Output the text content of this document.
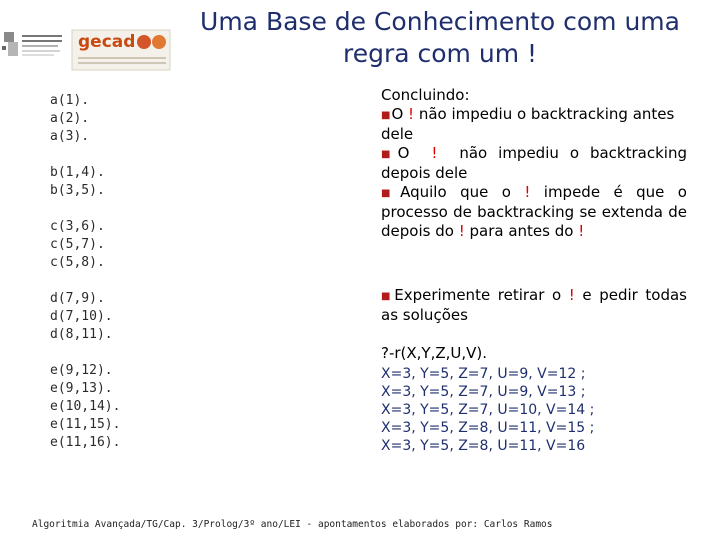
Uma Base de Conhecimento com uma
regra com um !
gecad
a(1).
a(2).
a(3).
b(1,4).
b(3,5).
c(3,6).
c(5,7).
c(5,8).
d(7,9).
d(7,10).
d(8,11).
e(9,12).
e(9,13).
e(10,14).
e(11,15).
e(11,16).
Concluindo:
■O ! não impediu o backtracking antes dele
■O ! não impediu o backtracking depois dele
■Aquilo que o ! impede é que o processo de backtracking se extenda de depois do ! para antes do !
■Experimente retirar o ! e pedir todas as soluções
?-r(X,Y,Z,U,V).
X=3, Y=5, Z=7, U=9, V=12 ;
X=3, Y=5, Z=7, U=9, V=13 ;
X=3, Y=5, Z=7, U=10, V=14 ;
X=3, Y=5, Z=8, U=11, V=15 ;
X=3, Y=5, Z=8, U=11, V=16
Algoritmia Avançada/TG/Cap. 3/Prolog/3º ano/LEI - apontamentos elaborados por: Carlos Ramos
